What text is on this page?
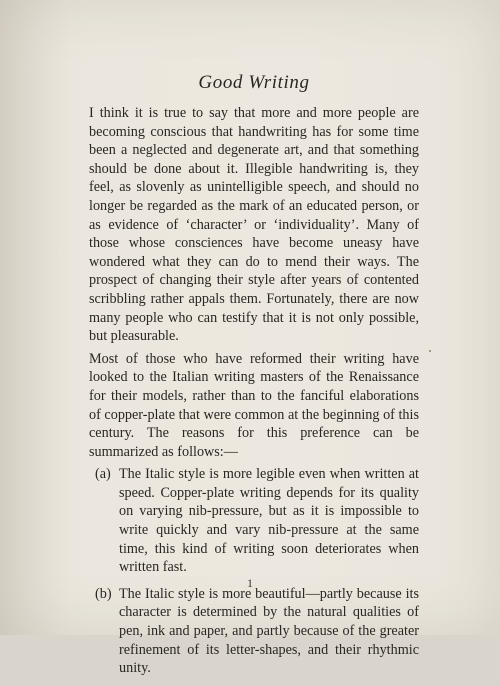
Good Writing

I think it is true to say that more and more people are becoming conscious that handwriting has for some time been a neglected and degenerate art, and that something should be done about it. Illegible handwriting is, they feel, as slovenly as unintelligible speech, and should no longer be regarded as the mark of an educated person, or as evidence of ‘character’ or ‘individuality’. Many of those whose consciences have become uneasy have wondered what they can do to mend their ways. The prospect of changing their style after years of contented scribbling rather appals them. Fortunately, there are now many people who can testify that it is not only possible, but pleasurable.

Most of those who have reformed their writing have looked to the Italian writing masters of the Renaissance for their models, rather than to the fanciful elaborations of copper-plate that were common at the beginning of this century. The reasons for this preference can be summarized as follows:—

(a) The Italic style is more legible even when written at speed. Copper-plate writing depends for its quality on varying nib-pressure, but as it is impossible to write quickly and vary nib-pressure at the same time, this kind of writing soon deteriorates when written fast.
(b) The Italic style is more beautiful—partly because its character is determined by the natural qualities of pen, ink and paper, and partly because of the greater refinement of its letter-shapes, and their rhythmic unity.
1
